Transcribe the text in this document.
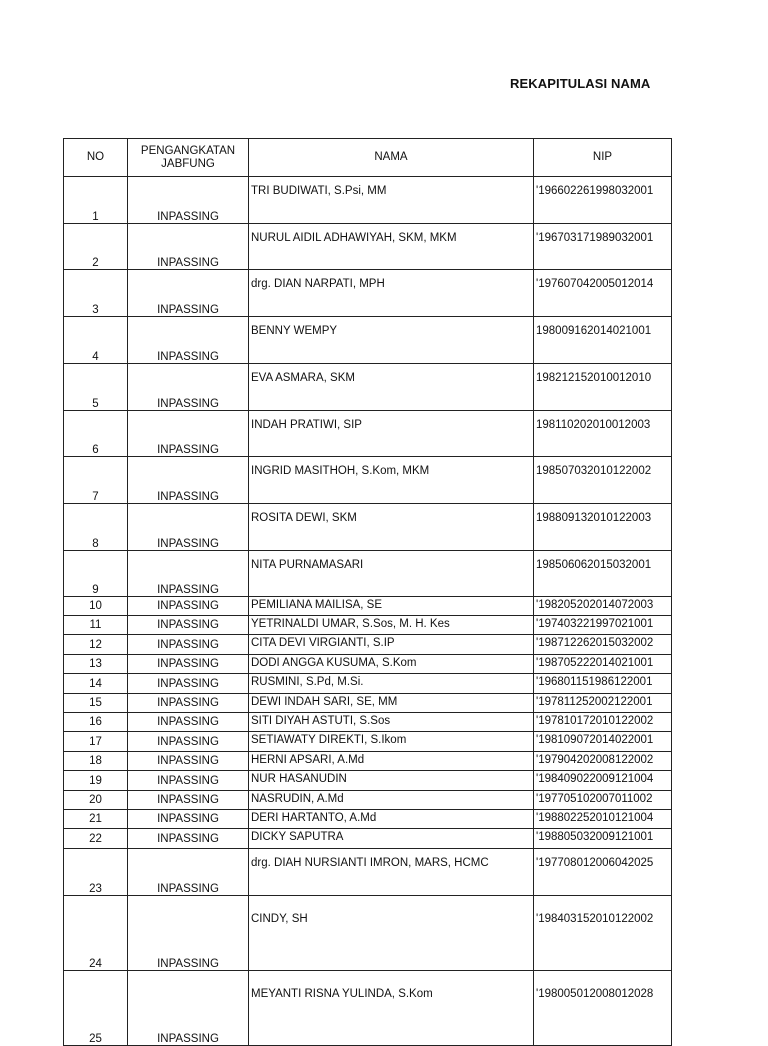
REKAPITULASI NAMA
NO	PENGANGKATAN JABFUNG	NAMA	NIP
1	INPASSING	TRI BUDIWATI, S.Psi, MM	'196602261998032001
2	INPASSING	NURUL AIDIL ADHAWIYAH, SKM, MKM	'196703171989032001
3	INPASSING	drg. DIAN NARPATI, MPH	'197607042005012014
4	INPASSING	BENNY WEMPY	198009162014021001
5	INPASSING	EVA ASMARA, SKM	198212152010012010
6	INPASSING	INDAH PRATIWI, SIP	198110202010012003
7	INPASSING	INGRID MASITHOH, S.Kom, MKM	198507032010122002
8	INPASSING	ROSITA DEWI, SKM	198809132010122003
9	INPASSING	NITA PURNAMASARI	198506062015032001
10	INPASSING	PEMILIANA MAILISA, SE	'198205202014072003
11	INPASSING	YETRINALDI UMAR, S.Sos, M. H. Kes	'197403221997021001
12	INPASSING	CITA DEVI VIRGIANTI, S.IP	'198712262015032002
13	INPASSING	DODI ANGGA KUSUMA, S.Kom	'198705222014021001
14	INPASSING	RUSMINI, S.Pd, M.Si.	'196801151986122001
15	INPASSING	DEWI INDAH SARI, SE, MM	'197811252002122001
16	INPASSING	SITI DIYAH ASTUTI, S.Sos	'197810172010122002
17	INPASSING	SETIAWATY DIREKTI, S.Ikom	'198109072014022001
18	INPASSING	HERNI APSARI, A.Md	'197904202008122002
19	INPASSING	NUR HASANUDIN	'198409022009121004
20	INPASSING	NASRUDIN, A.Md	'197705102007011002
21	INPASSING	DERI HARTANTO, A.Md	'198802252010121004
22	INPASSING	DICKY SAPUTRA	'198805032009121001
23	INPASSING	drg. DIAH NURSIANTI IMRON, MARS, HCMC	'197708012006042025
24	INPASSING	CINDY, SH	'198403152010122002
25	INPASSING	MEYANTI RISNA YULINDA, S.Kom	'198005012008012028
